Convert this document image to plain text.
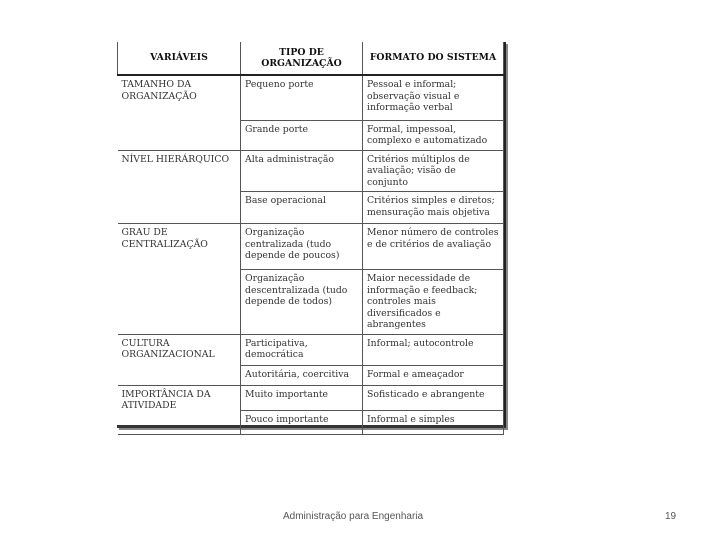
VARIÁVEIS	TIPO DE ORGANIZAÇÃO	FORMATO DO SISTEMA
TAMANHO DA ORGANIZAÇÃO	Pequeno porte	Pessoal e informal; observação visual e informação verbal
	Grande porte	Formal, impessoal, complexo e automatizado
NÍVEL HIERÁRQUICO	Alta administração	Critérios múltiplos de avaliação; visão de conjunto
	Base operacional	Critérios simples e diretos; mensuração mais objetiva
GRAU DE CENTRALIZAÇÃO	Organização centralizada (tudo depende de poucos)	Menor número de controles e de critérios de avaliação
	Organização descentralizada (tudo depende de todos)	Maior necessidade de informação e feedback; controles mais diversificados e abrangentes
CULTURA ORGANIZACIONAL	Participativa, democrática	Informal; autocontrole
	Autoritária, coercitiva	Formal e ameaçador
IMPORTÂNCIA DA ATIVIDADE	Muito importante	Sofisticado e abrangente
	Pouco importante	Informal e simples
Administração para Engenharia	19
